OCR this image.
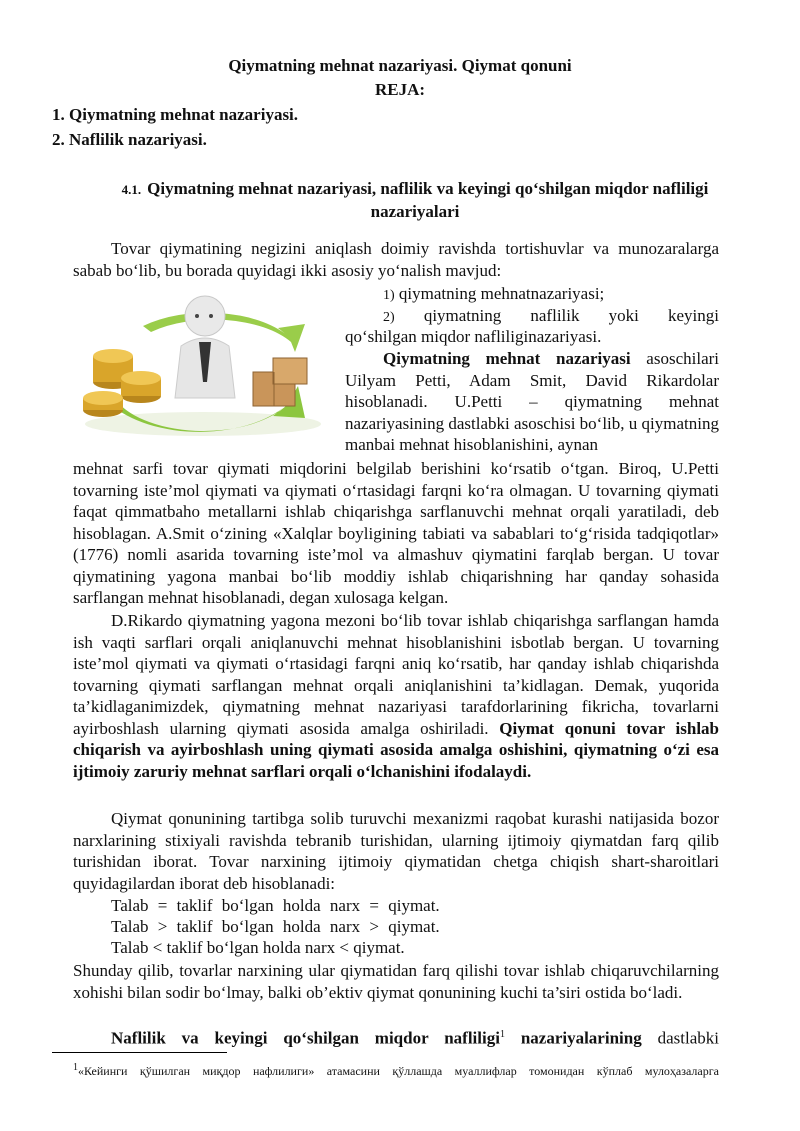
Qiymatning mehnat nazariyasi. Qiymat qonuni
REJA:
1. Qiymatning mehnat nazariyasi.
2. Naflilik nazariyasi.
4.1. Qiymatning mehnat nazariyasi, naflilik va keyingi qo‘shilgan miqdor nafliligi nazariyalari
Tovar qiymatining negizini aniqlash doimiy ravishda tortishuvlar va munozaralarga sabab bo‘lib, bu borada quyidagi ikki asosiy yo‘nalish mavjud:
1) qiymatning mehnatnazariyasi;
2) qiymatning naflilik yoki keyingi
qo‘shilgan miqdor nafliliginazariyasi.
Qiymatning mehnat nazariyasi asoschilari Uilyam Petti, Adam Smit, David Rikardolar hisoblanadi. U.Petti – qiymatning mehnat nazariyasining dastlabki asoschisi bo‘lib, u qiymatning manbai mehnat hisoblanishini, aynan
mehnat sarfi tovar qiymati miqdorini belgilab berishini ko‘rsatib o‘tgan. Biroq, U.Petti tovarning iste’mol qiymati va qiymati o‘rtasidagi farqni ko‘ra olmagan. U tovarning qiymati faqat qimmatbaho metallarni ishlab chiqarishga sarflanuvchi mehnat orqali yaratiladi, deb hisoblagan. A.Smit o‘zining «Xalqlar boyligining tabiati va sabablari to‘g‘risida tadqiqotlar» (1776) nomli asarida tovarning iste’mol va almashuv qiymatini farqlab bergan. U tovar qiymatining yagona manbai bo‘lib moddiy ishlab chiqarishning har qanday sohasida sarflangan mehnat hisoblanadi, degan xulosaga kelgan.
D.Rikardo qiymatning yagona mezoni bo‘lib tovar ishlab chiqarishga sarflangan hamda ish vaqti sarflari orqali aniqlanuvchi mehnat hisoblanishini isbotlab bergan. U tovarning iste’mol qiymati va qiymati o‘rtasidagi farqni aniq ko‘rsatib, har qanday ishlab chiqarishda tovarning qiymati sarflangan mehnat orqali aniqlanishini ta’kidlagan. Demak, yuqorida ta’kidlaganimizdek, qiymatning mehnat nazariyasi tarafdorlarining fikricha, tovarlarni ayirboshlash ularning qiymati asosida amalga oshiriladi. Qiymat qonuni tovar ishlab chiqarish va ayirboshlash uning qiymati asosida amalga oshishini, qiymatning o‘zi esa ijtimoiy zaruriy mehnat sarflari orqali o‘lchanishini ifodalaydi.
Qiymat qonunining tartibga solib turuvchi mexanizmi raqobat kurashi natijasida bozor narxlarining stixiyali ravishda tebranib turishidan, ularning ijtimoiy qiymatdan farq qilib turishidan iborat. Tovar narxining ijtimoiy qiymatidan chetga chiqish shart-sharoitlari quyidagilardan iborat deb hisoblanadi:
Talab = taklif bo‘lgan holda narx = qiymat.
Talab > taklif bo‘lgan holda narx > qiymat.
Talab < taklif bo‘lgan holda narx < qiymat.
Shunday qilib, tovarlar narxining ular qiymatidan farq qilishi tovar ishlab chiqaruvchilarning xohishi bilan sodir bo‘lmay, balki ob’ektiv qiymat qonunining kuchi ta’siri ostida bo‘ladi.
Naflilik va keyingi qo‘shilgan miqdor nafliligi$^1$ nazariyalarining dastlabki
$^1$«Кейинги қўшилган миқдор нафлилиги» атамасини қўллашда муаллифлар томонидан кўплаб мулоҳазаларга
